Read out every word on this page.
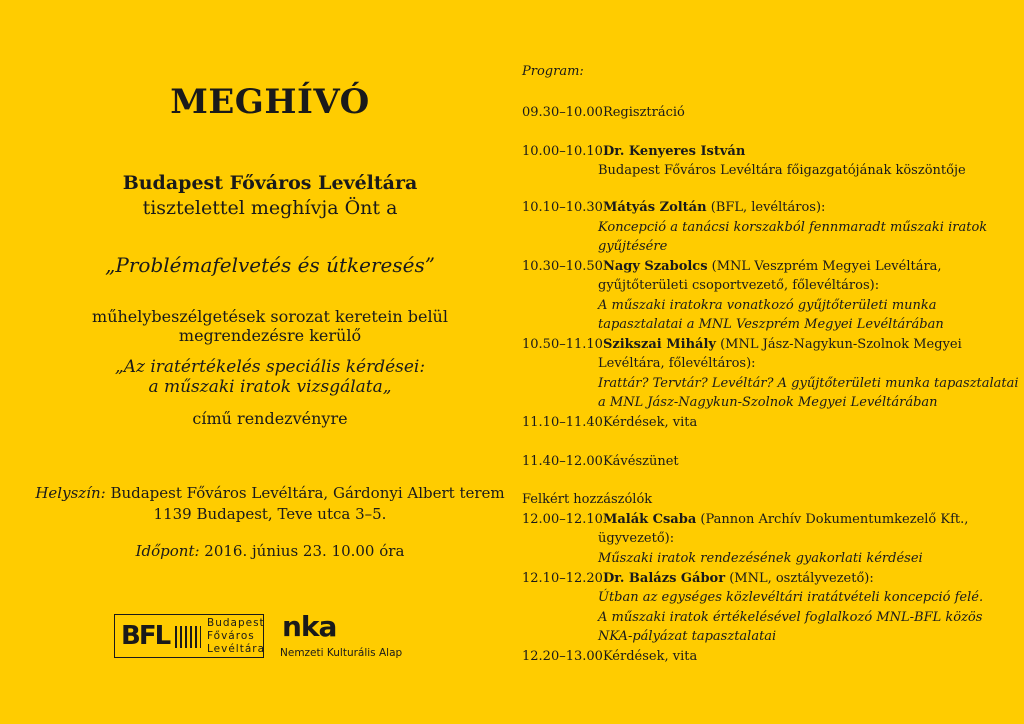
MEGHÍVÓ
Budapest Főváros Levéltára
tisztelettel meghívja Önt a
„Problémafelvetés és útkeresés”
műhelybeszélgetések sorozat keretein belül
megrendezésre kerülő
„Az iratértékelés speciális kérdései:
a műszaki iratok vizsgálata„
című rendezvényre
Helyszín: Budapest Főváros Levéltára, Gárdonyi Albert terem
1139 Budapest, Teve utca 3–5.
Időpont: 2016. június 23. 10.00 óra
BFL	Budapest
Főváros
Levéltára
nka
Nemzeti Kulturális Alap
Program:
09.30–10.00Regisztráció
10.00–10.10Dr. Kenyeres István
Budapest Főváros Levéltára főigazgatójának köszöntője
10.10–10.30Mátyás Zoltán (BFL, levéltáros):
Koncepció a tanácsi korszakból fennmaradt műszaki iratok
gyűjtésére
10.30–10.50Nagy Szabolcs (MNL Veszprém Megyei Levéltára,
gyűjtőterületi csoportvezető, főlevéltáros):
A műszaki iratokra vonatkozó gyűjtőterületi munka
tapasztalatai a MNL Veszprém Megyei Levéltárában
10.50–11.10Szikszai Mihály (MNL Jász-Nagykun-Szolnok Megyei
Levéltára, főlevéltáros):
Irattár? Tervtár? Levéltár? A gyűjtőterületi munka tapasztalatai
a MNL Jász-Nagykun-Szolnok Megyei Levéltárában
11.10–11.40Kérdések, vita
11.40–12.00Kávészünet
Felkért hozzászólók
12.00–12.10Malák Csaba (Pannon Archív Dokumentumkezelő Kft.,
ügyvezető):
Műszaki iratok rendezésének gyakorlati kérdései
12.10–12.20Dr. Balázs Gábor (MNL, osztályvezető):
Útban az egységes közlevéltári iratátvételi koncepció felé.
A műszaki iratok értékelésével foglalkozó MNL-BFL közös
NKA-pályázat tapasztalatai
12.20–13.00Kérdések, vita
